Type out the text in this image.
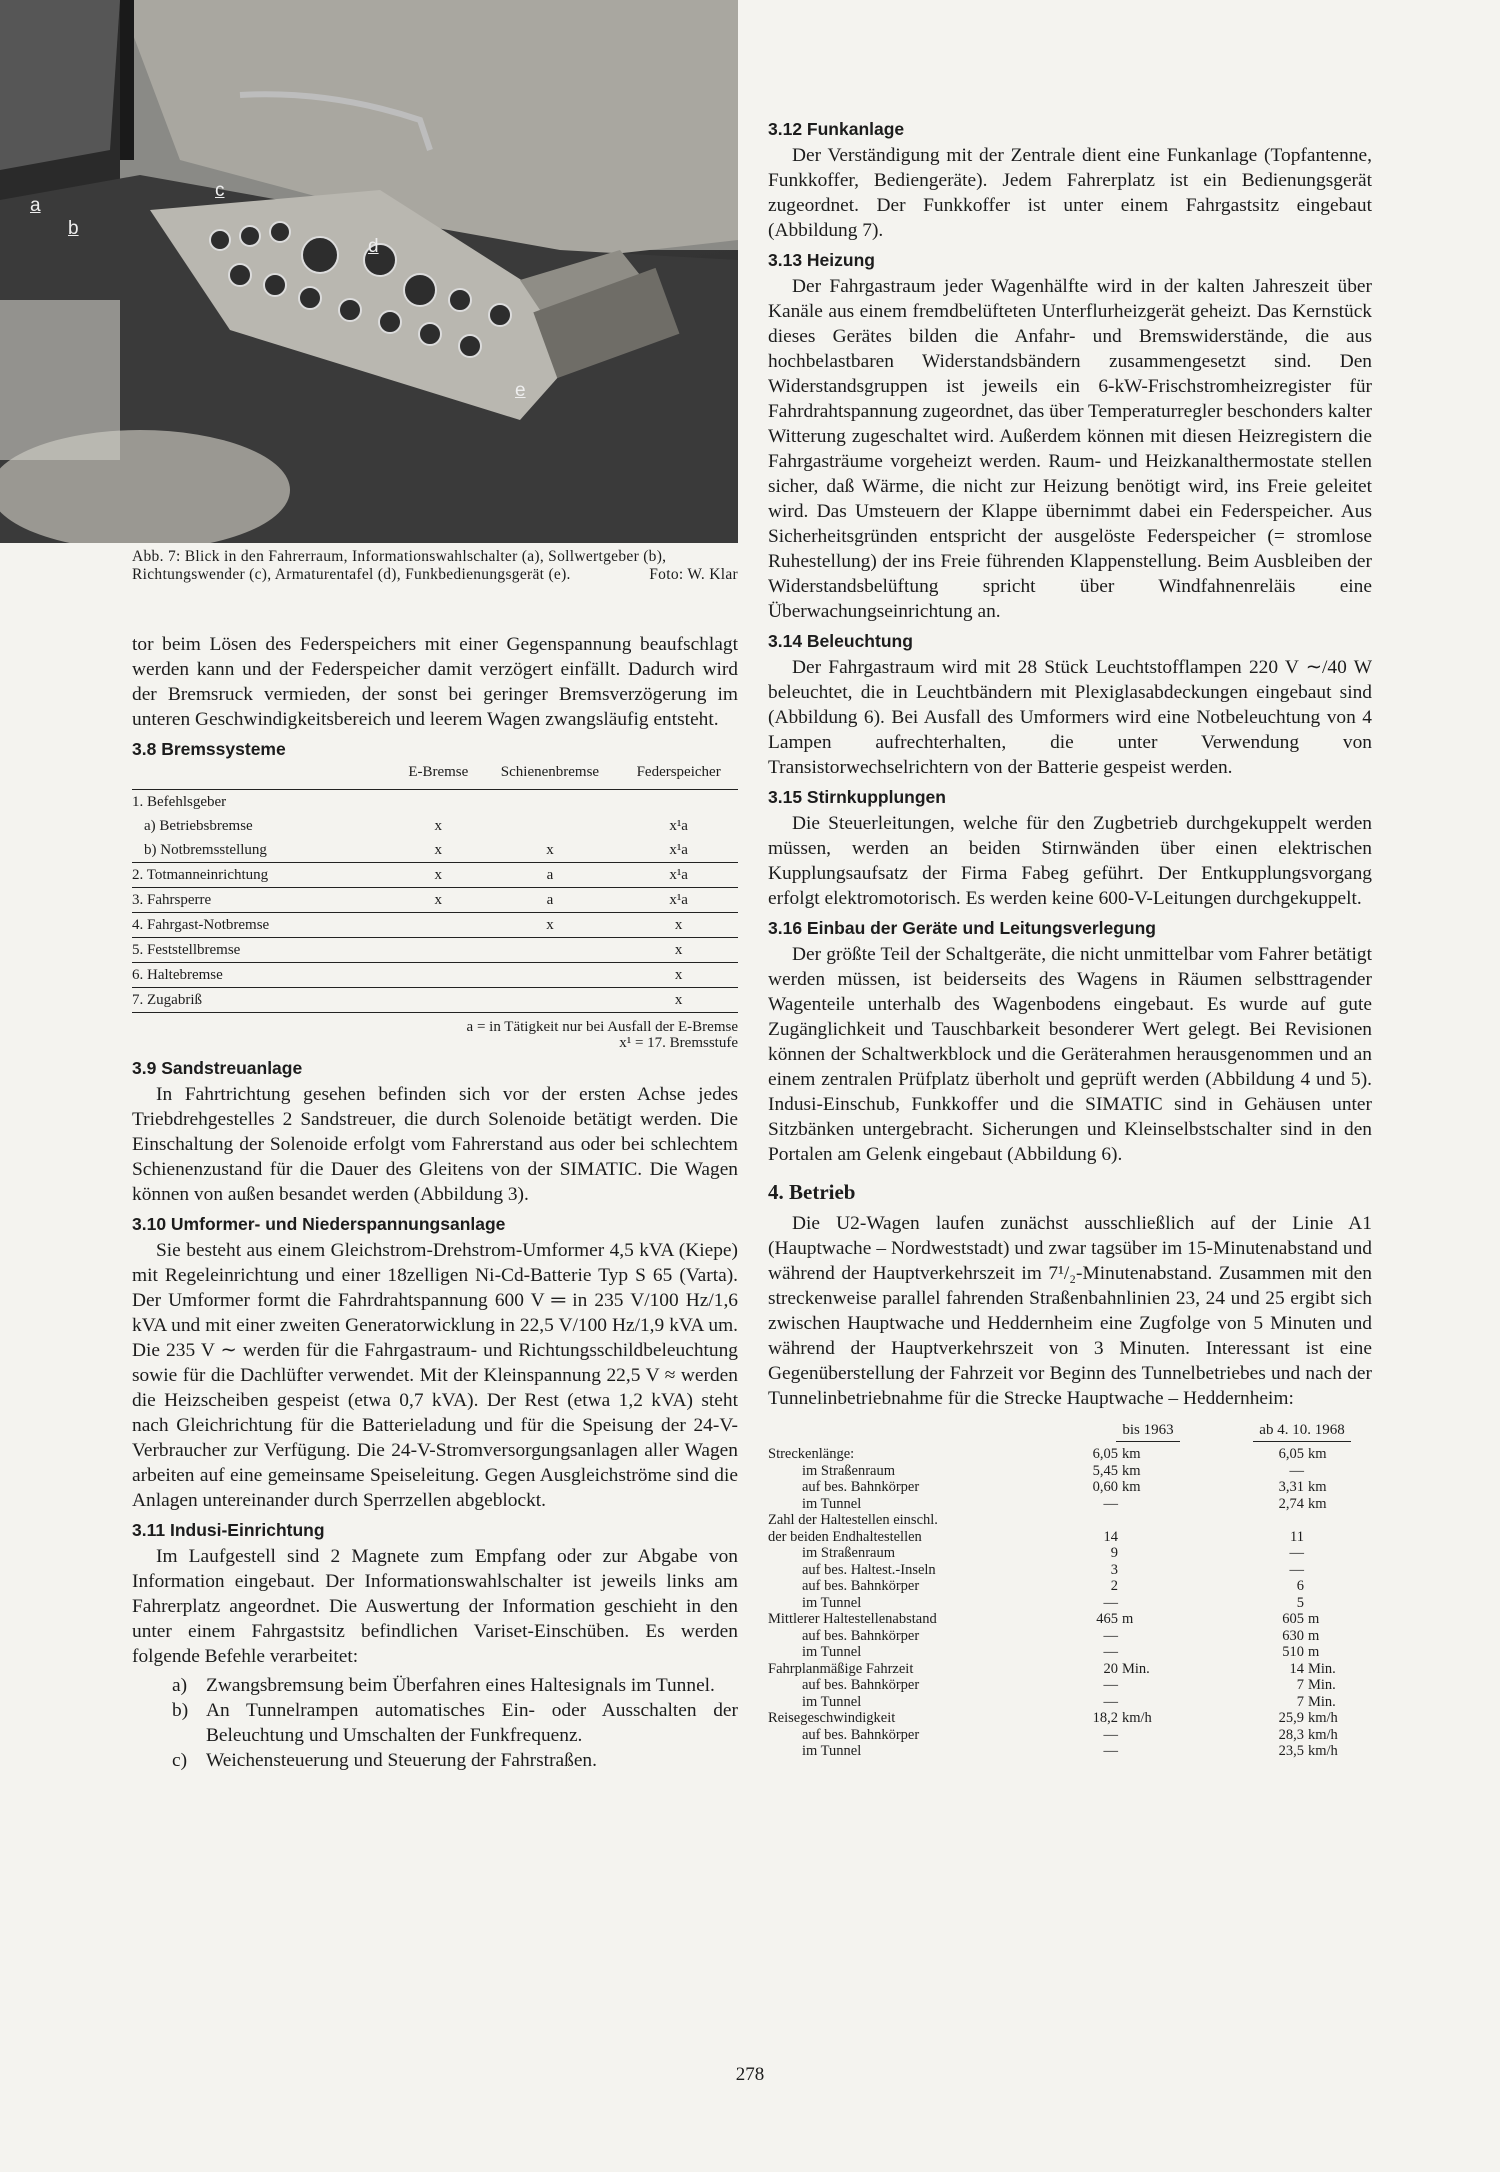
a
b
c
d
e
Abb. 7: Blick in den Fahrerraum, Informationswahlschalter (a), Sollwertgeber (b), Richtungswender (c), Armaturentafel (d), Funkbedienungsgerät (e).	Foto: W. Klar

tor beim Lösen des Federspeichers mit einer Gegenspannung beaufschlagt werden kann und der Federspeicher damit verzögert einfällt. Dadurch wird der Bremsruck vermieden, der sonst bei geringer Bremsverzögerung im unteren Geschwindigkeitsbereich und leerem Wagen zwangsläufig entsteht.

3.8 Bremssysteme
	E-Bremse	Schienenbremse	Federspeicher
1. Befehlsgeber			
a) Betriebsbremse	x		x¹a
b) Notbremsstellung	x	x	x¹a
2. Totmanneinrichtung	x	a	x¹a
3. Fahrsperre	x	a	x¹a
4. Fahrgast-Notbremse		x	x
5. Feststellbremse			x
6. Haltebremse			x
7. Zugabriß			x
a = in Tätigkeit nur bei Ausfall der E-Bremse
x¹ = 17. Bremsstufe
3.9 Sandstreuanlage

In Fahrtrichtung gesehen befinden sich vor der ersten Achse jedes Triebdrehgestelles 2 Sandstreuer, die durch Solenoide betätigt werden. Die Einschaltung der Solenoide erfolgt vom Fahrerstand aus oder bei schlechtem Schienenzustand für die Dauer des Gleitens von der SIMATIC. Die Wagen können von außen besandet werden (Abbildung 3).

3.10 Umformer- und Niederspannungsanlage

Sie besteht aus einem Gleichstrom-Drehstrom-Umformer 4,5 kVA (Kiepe) mit Regeleinrichtung und einer 18zelligen Ni-Cd-Batterie Typ S 65 (Varta). Der Umformer formt die Fahrdrahtspannung 600 V ═ in 235 V/100 Hz/1,6 kVA und mit einer zweiten Generatorwicklung in 22,5 V/100 Hz/1,9 kVA um. Die 235 V ∼ werden für die Fahrgastraum- und Richtungsschildbeleuchtung sowie für die Dachlüfter verwendet. Mit der Kleinspannung 22,5 V ≈ werden die Heizscheiben gespeist (etwa 0,7 kVA). Der Rest (etwa 1,2 kVA) steht nach Gleichrichtung für die Batterieladung und für die Speisung der 24-V-Verbraucher zur Verfügung. Die 24-V-Stromversorgungsanlagen aller Wagen arbeiten auf eine gemeinsame Speiseleitung. Gegen Ausgleichströme sind die Anlagen untereinander durch Sperrzellen abgeblockt.

3.11 Indusi-Einrichtung

Im Laufgestell sind 2 Magnete zum Empfang oder zur Abgabe von Information eingebaut. Der Informationswahlschalter ist jeweils links am Fahrerplatz angeordnet. Die Auswertung der Information geschieht in den unter einem Fahrgastsitz befindlichen Variset-Einschüben. Es werden folgende Befehle verarbeitet:

a) Zwangsbremsung beim Überfahren eines Haltesignals im Tunnel.
b) An Tunnelrampen automatisches Ein- oder Ausschalten der Beleuchtung und Umschalten der Funkfrequenz.
c) Weichensteuerung und Steuerung der Fahrstraßen.
3.12 Funkanlage

Der Verständigung mit der Zentrale dient eine Funkanlage (Topfantenne, Funkkoffer, Bediengeräte). Jedem Fahrerplatz ist ein Bedienungsgerät zugeordnet. Der Funkkoffer ist unter einem Fahrgastsitz eingebaut (Abbildung 7).

3.13 Heizung

Der Fahrgastraum jeder Wagenhälfte wird in der kalten Jahreszeit über Kanäle aus einem fremdbelüfteten Unterflurheizgerät geheizt. Das Kernstück dieses Gerätes bilden die Anfahr- und Bremswiderstände, die aus hochbelastbaren Widerstandsbändern zusammengesetzt sind. Den Widerstandsgruppen ist jeweils ein 6-kW-Frischstromheizregister für Fahrdrahtspannung zugeordnet, das über Temperaturregler beschonders kalter Witterung zugeschaltet wird. Außerdem können mit diesen Heizregistern die Fahrgasträume vorgeheizt werden. Raum- und Heizkanalthermostate stellen sicher, daß Wärme, die nicht zur Heizung benötigt wird, ins Freie geleitet wird. Das Umsteuern der Klappe übernimmt dabei ein Federspeicher. Aus Sicherheitsgründen entspricht der ausgelöste Federspeicher (= stromlose Ruhestellung) der ins Freie führenden Klappenstellung. Beim Ausbleiben der Widerstandsbelüftung spricht über Windfahnenreläis eine Überwachungseinrichtung an.

3.14 Beleuchtung

Der Fahrgastraum wird mit 28 Stück Leuchtstofflampen 220 V ∼/40 W beleuchtet, die in Leuchtbändern mit Plexiglasabdeckungen eingebaut sind (Abbildung 6). Bei Ausfall des Umformers wird eine Notbeleuchtung von 4 Lampen aufrechterhalten, die unter Verwendung von Transistorwechselrichtern von der Batterie gespeist werden.

3.15 Stirnkupplungen

Die Steuerleitungen, welche für den Zugbetrieb durchgekuppelt werden müssen, werden an beiden Stirnwänden über einen elektrischen Kupplungsaufsatz der Firma Fabeg geführt. Der Entkupplungsvorgang erfolgt elektromotorisch. Es werden keine 600-V-Leitungen durchgekuppelt.

3.16 Einbau der Geräte und Leitungsverlegung

Der größte Teil der Schaltgeräte, die nicht unmittelbar vom Fahrer betätigt werden müssen, ist beiderseits des Wagens in Räumen selbsttragender Wagenteile unterhalb des Wagenbodens eingebaut. Es wurde auf gute Zugänglichkeit und Tauschbarkeit besonderer Wert gelegt. Bei Revisionen können der Schaltwerkblock und die Geräterahmen herausgenommen und an einem zentralen Prüfplatz überholt und geprüft werden (Abbildung 4 und 5). Indusi-Einschub, Funkkoffer und die SIMATIC sind in Gehäusen unter Sitzbänken untergebracht. Sicherungen und Kleinselbstschalter sind in den Portalen am Gelenk eingebaut (Abbildung 6).

4. Betrieb

Die U2-Wagen laufen zunächst ausschließlich auf der Linie A1 (Hauptwache – Nordweststadt) und zwar tagsüber im 15-Minutenabstand und während der Hauptverkehrszeit im 7¹/₂-Minutenabstand. Zusammen mit den streckenweise parallel fahrenden Straßenbahnlinien 23, 24 und 25 ergibt sich zwischen Hauptwache und Heddernheim eine Zugfolge von 5 Minuten und während der Hauptverkehrszeit von 3 Minuten. Interessant ist eine Gegenüberstellung der Fahrzeit vor Beginn des Tunnelbetriebes und nach der Tunnelinbetriebnahme für die Strecke Hauptwache – Heddernheim:

	bis 1963		ab 4. 10. 1968	
Streckenlänge:	6,05	km	6,05	km
im Straßenraum	5,45	km	—	
auf bes. Bahnkörper	0,60	km	3,31	km
im Tunnel	—		2,74	km
Zahl der Haltestellen einschl.				
der beiden Endhaltestellen	14		11	
im Straßenraum	9		—	
auf bes. Haltest.-Inseln	3		—	
auf bes. Bahnkörper	2		6	
im Tunnel	—		5	
Mittlerer Haltestellenabstand	465	m	605	m
auf bes. Bahnkörper	—		630	m
im Tunnel	—		510	m
Fahrplanmäßige Fahrzeit	20	Min.	14	Min.
auf bes. Bahnkörper	—		7	Min.
im Tunnel	—		7	Min.
Reisegeschwindigkeit	18,2	km/h	25,9	km/h
auf bes. Bahnkörper	—		28,3	km/h
im Tunnel	—		23,5	km/h
278
